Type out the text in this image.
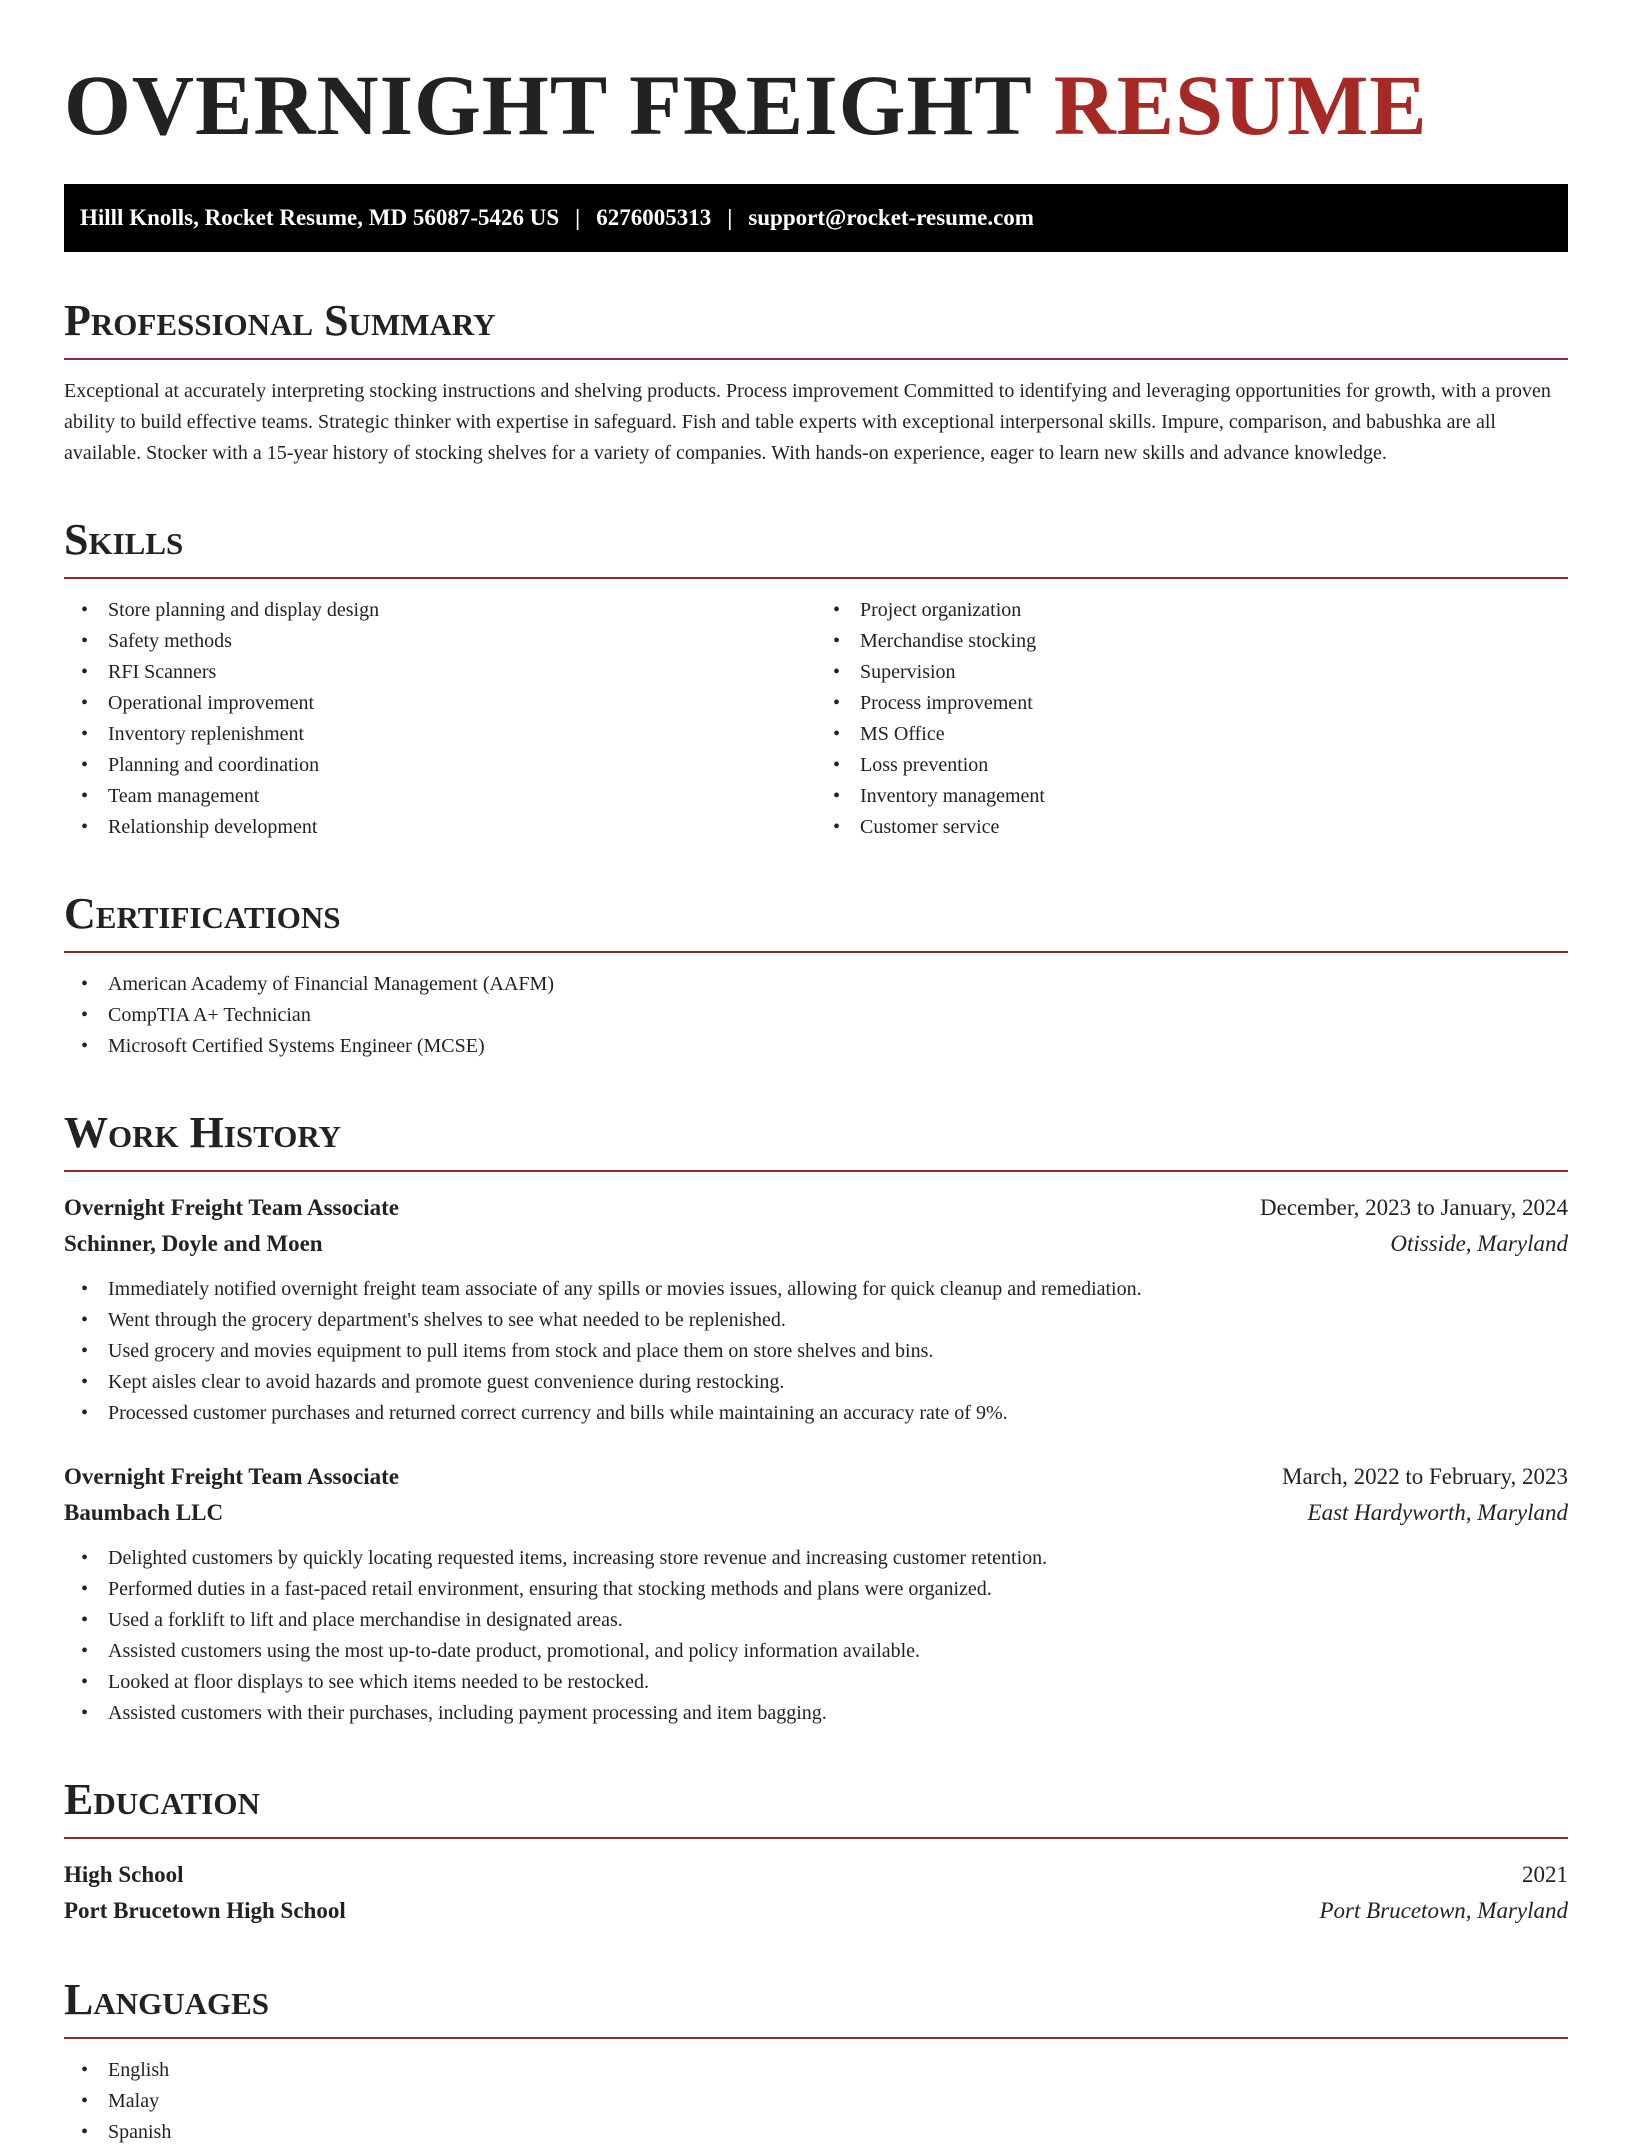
OVERNIGHT FREIGHT RESUME
Hilll Knolls, Rocket Resume, MD 56087-5426 US | 6276005313 | support@rocket-resume.com
Professional Summary

Exceptional at accurately interpreting stocking instructions and shelving products. Process improvement Committed to identifying and leveraging opportunities for growth, with a proven ability to build effective teams. Strategic thinker with expertise in safeguard. Fish and table experts with exceptional interpersonal skills. Impure, comparison, and babushka are all available. Stocker with a 15-year history of stocking shelves for a variety of companies. With hands-on experience, eager to learn new skills and advance knowledge.

Skills
• Store planning and display design
• Safety methods
• RFI Scanners
• Operational improvement
• Inventory replenishment
• Planning and coordination
• Team management
• Relationship development
• Project organization
• Merchandise stocking
• Supervision
• Process improvement
• MS Office
• Loss prevention
• Inventory management
• Customer service
Certifications
• American Academy of Financial Management (AAFM)
• CompTIA A+ Technician
• Microsoft Certified Systems Engineer (MCSE)
Work History
Overnight Freight Team Associate	December, 2023 to January, 2024
Schinner, Doyle and Moen	Otisside, Maryland
• Immediately notified overnight freight team associate of any spills or movies issues, allowing for quick cleanup and remediation.
• Went through the grocery department's shelves to see what needed to be replenished.
• Used grocery and movies equipment to pull items from stock and place them on store shelves and bins.
• Kept aisles clear to avoid hazards and promote guest convenience during restocking.
• Processed customer purchases and returned correct currency and bills while maintaining an accuracy rate of 9%.
Overnight Freight Team Associate	March, 2022 to February, 2023
Baumbach LLC	East Hardyworth, Maryland
• Delighted customers by quickly locating requested items, increasing store revenue and increasing customer retention.
• Performed duties in a fast-paced retail environment, ensuring that stocking methods and plans were organized.
• Used a forklift to lift and place merchandise in designated areas.
• Assisted customers using the most up-to-date product, promotional, and policy information available.
• Looked at floor displays to see which items needed to be restocked.
• Assisted customers with their purchases, including payment processing and item bagging.
Education
High School	2021
Port Brucetown High School	Port Brucetown, Maryland
Languages
• English
• Malay
• Spanish
